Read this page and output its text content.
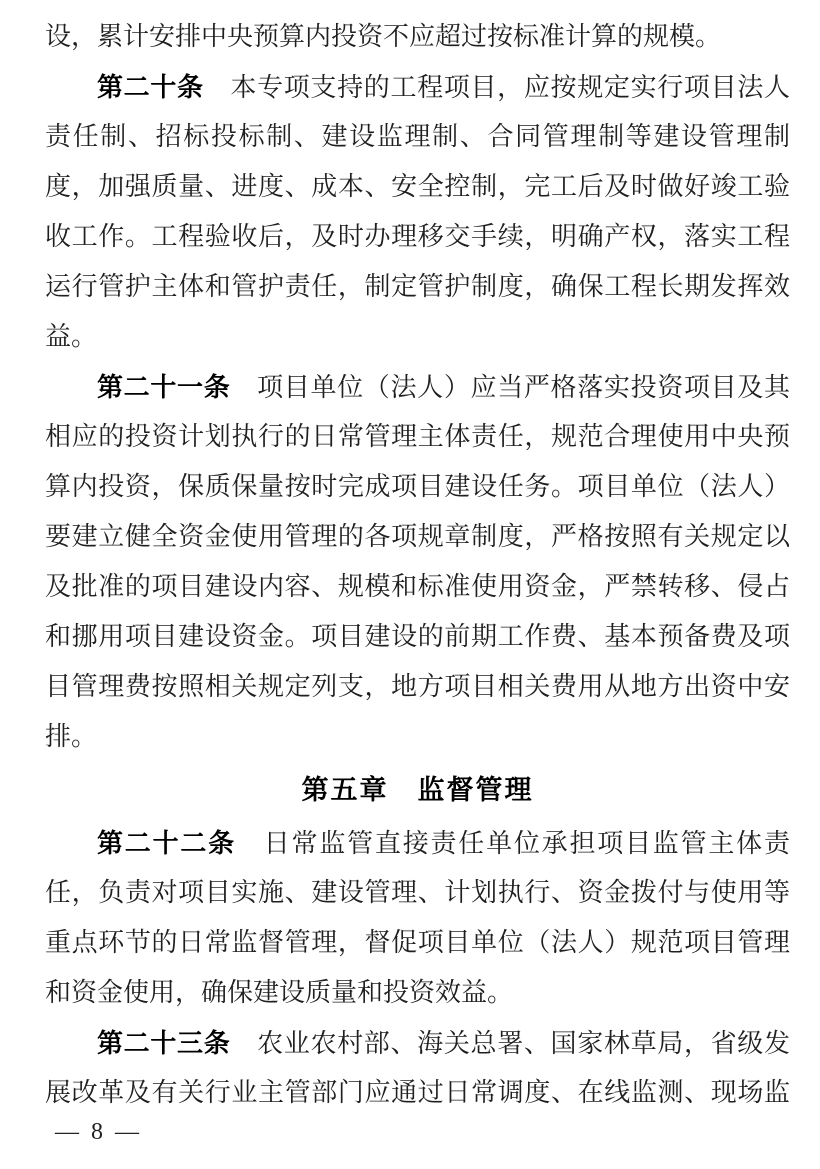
设，累计安排中央预算内投资不应超过按标准计算的规模。
第二十条　本专项支持的工程项目，应按规定实行项目法人
责任制、招标投标制、建设监理制、合同管理制等建设管理制
度，加强质量、进度、成本、安全控制，完工后及时做好竣工验
收工作。工程验收后，及时办理移交手续，明确产权，落实工程
运行管护主体和管护责任，制定管护制度，确保工程长期发挥效
益。
第二十一条　项目单位（法人）应当严格落实投资项目及其
相应的投资计划执行的日常管理主体责任，规范合理使用中央预
算内投资，保质保量按时完成项目建设任务。项目单位（法人）
要建立健全资金使用管理的各项规章制度，严格按照有关规定以
及批准的项目建设内容、规模和标准使用资金，严禁转移、侵占
和挪用项目建设资金。项目建设的前期工作费、基本预备费及项
目管理费按照相关规定列支，地方项目相关费用从地方出资中安
排。
第五章　监督管理
第二十二条　日常监管直接责任单位承担项目监管主体责
任，负责对项目实施、建设管理、计划执行、资金拨付与使用等
重点环节的日常监督管理，督促项目单位（法人）规范项目管理
和资金使用，确保建设质量和投资效益。
第二十三条　农业农村部、海关总署、国家林草局，省级发
展改革及有关行业主管部门应通过日常调度、在线监测、现场监
— 8 —
